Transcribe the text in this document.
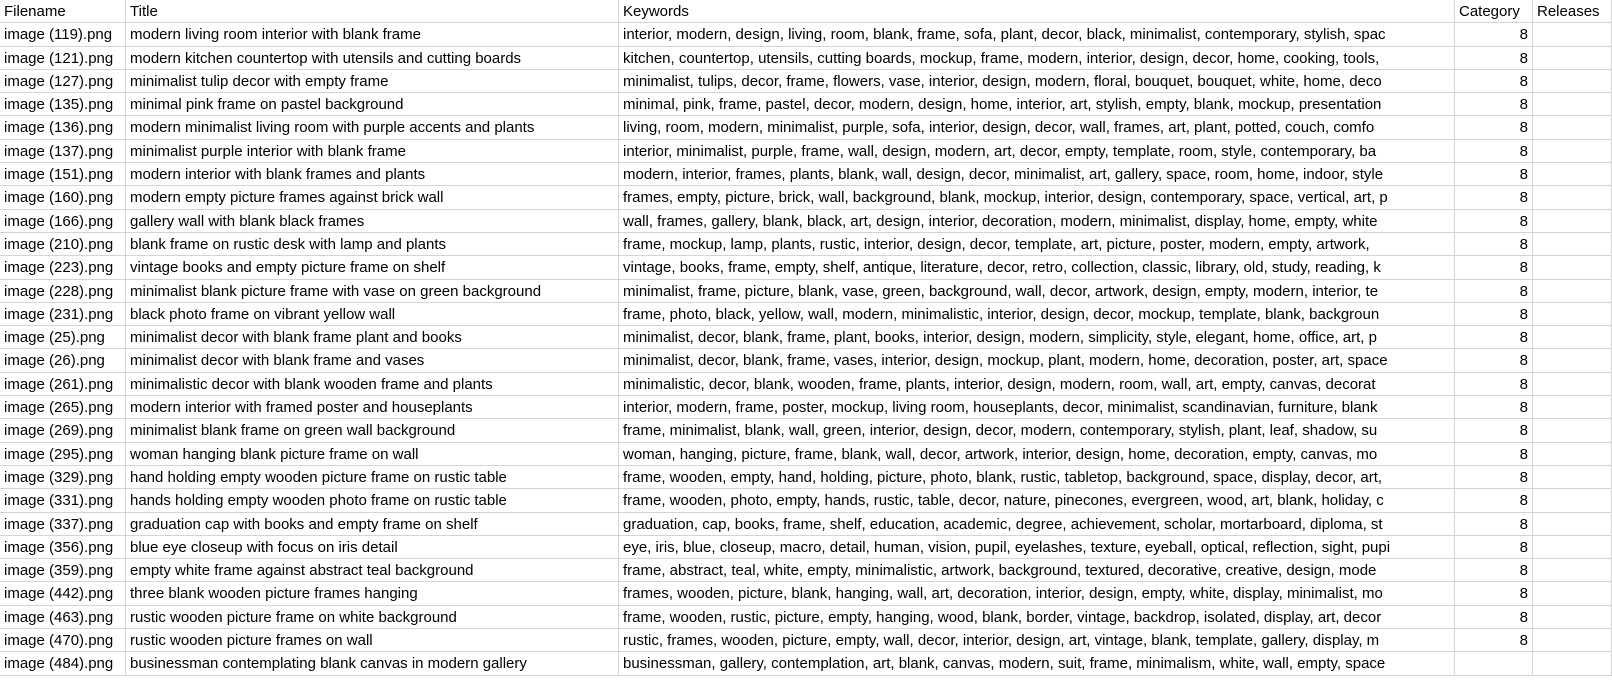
Filename	Title	Keywords	Category	Releases
image (119).png	modern living room interior with blank frame	interior, modern, design, living, room, blank, frame, sofa, plant, decor, black, minimalist, contemporary, stylish, spac	8
image (121).png	modern kitchen countertop with utensils and cutting boards	kitchen, countertop, utensils, cutting boards, mockup, frame, modern, interior, design, decor, home, cooking, tools,	8
image (127).png	minimalist tulip decor with empty frame	minimalist, tulips, decor, frame, flowers, vase, interior, design, modern, floral, bouquet, bouquet, white, home, deco	8
image (135).png	minimal pink frame on pastel background	minimal, pink, frame, pastel, decor, modern, design, home, interior, art, stylish, empty, blank, mockup, presentation	8
image (136).png	modern minimalist living room with purple accents and plants	living, room, modern, minimalist, purple, sofa, interior, design, decor, wall, frames, art, plant, potted, couch, comfo	8
image (137).png	minimalist purple interior with blank frame	interior, minimalist, purple, frame, wall, design, modern, art, decor, empty, template, room, style, contemporary, ba	8
image (151).png	modern interior with blank frames and plants	modern, interior, frames, plants, blank, wall, design, decor, minimalist, art, gallery, space, room, home, indoor, style	8
image (160).png	modern empty picture frames against brick wall	frames, empty, picture, brick, wall, background, blank, mockup, interior, design, contemporary, space, vertical, art, p	8
image (166).png	gallery wall with blank black frames	wall, frames, gallery, blank, black, art, design, interior, decoration, modern, minimalist, display, home, empty, white	8
image (210).png	blank frame on rustic desk with lamp and plants	frame, mockup, lamp, plants, rustic, interior, design, decor, template, art, picture, poster, modern, empty, artwork,	8
image (223).png	vintage books and empty picture frame on shelf	vintage, books, frame, empty, shelf, antique, literature, decor, retro, collection, classic, library, old, study, reading, k	8
image (228).png	minimalist blank picture frame with vase on green background	minimalist, frame, picture, blank, vase, green, background, wall, decor, artwork, design, empty, modern, interior, te	8
image (231).png	black photo frame on vibrant yellow wall	frame, photo, black, yellow, wall, modern, minimalistic, interior, design, decor, mockup, template, blank, backgroun	8
image (25).png	minimalist decor with blank frame plant and books	minimalist, decor, blank, frame, plant, books, interior, design, modern, simplicity, style, elegant, home, office, art, p	8
image (26).png	minimalist decor with blank frame and vases	minimalist, decor, blank, frame, vases, interior, design, mockup, plant, modern, home, decoration, poster, art, space	8
image (261).png	minimalistic decor with blank wooden frame and plants	minimalistic, decor, blank, wooden, frame, plants, interior, design, modern, room, wall, art, empty, canvas, decorat	8
image (265).png	modern interior with framed poster and houseplants	interior, modern, frame, poster, mockup, living room, houseplants, decor, minimalist, scandinavian, furniture, blank	8
image (269).png	minimalist blank frame on green wall background	frame, minimalist, blank, wall, green, interior, design, decor, modern, contemporary, stylish, plant, leaf, shadow, su	8
image (295).png	woman hanging blank picture frame on wall	woman, hanging, picture, frame, blank, wall, decor, artwork, interior, design, home, decoration, empty, canvas, mo	8
image (329).png	hand holding empty wooden picture frame on rustic table	frame, wooden, empty, hand, holding, picture, photo, blank, rustic, tabletop, background, space, display, decor, art,	8
image (331).png	hands holding empty wooden photo frame on rustic table	frame, wooden, photo, empty, hands, rustic, table, decor, nature, pinecones, evergreen, wood, art, blank, holiday, c	8
image (337).png	graduation cap with books and empty frame on shelf	graduation, cap, books, frame, shelf, education, academic, degree, achievement, scholar, mortarboard, diploma, st	8
image (356).png	blue eye closeup with focus on iris detail	eye, iris, blue, closeup, macro, detail, human, vision, pupil, eyelashes, texture, eyeball, optical, reflection, sight, pupi	8
image (359).png	empty white frame against abstract teal background	frame, abstract, teal, white, empty, minimalistic, artwork, background, textured, decorative, creative, design, mode	8
image (442).png	three blank wooden picture frames hanging	frames, wooden, picture, blank, hanging, wall, art, decoration, interior, design, empty, white, display, minimalist, mo	8
image (463).png	rustic wooden picture frame on white background	frame, wooden, rustic, picture, empty, hanging, wood, blank, border, vintage, backdrop, isolated, display, art, decor	8
image (470).png	rustic wooden picture frames on wall	rustic, frames, wooden, picture, empty, wall, decor, interior, design, art, vintage, blank, template, gallery, display, m	8
image (484).png	businessman contemplating blank canvas in modern gallery	businessman, gallery, contemplation, art, blank, canvas, modern, suit, frame, minimalism, white, wall, empty, space
